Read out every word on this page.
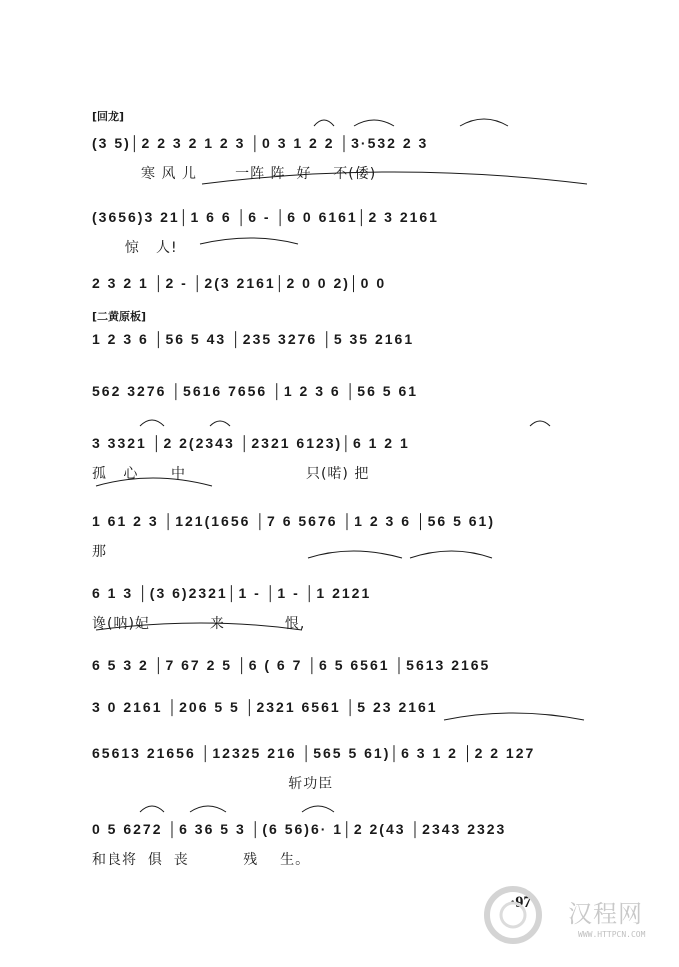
[回龙]
[二黄原板]
(3 5)│2 2 3 2 1 2 3 │0 3 1 2 2 │3·532 2 3
寒 风 儿       一阵 阵  好    不(倭)
(3656)3 21│1 6 6 │6 - │6 0 6161│2 3 2161
惊   人!
2 3 2 1 │2 - │2(3 2161│2 0 0 2)│0 0
1 2 3 6 │56 5 43 │235 3276 │5 35 2161
562 3276 │5616 7656 │1 2 3 6 │56 5 61
3 3321 │2 2(2343 │2321 6123)│6 1 2 1
孤   心      中                      只(喏) 把
1 61 2 3 │121(1656 │7 6 5676 │1 2 3 6 │56 5 61)
那
6 1 3 │(3 6)2321│1 - │1 - │1 2121
谗(呐)妃           来           恨,
6 5 3 2 │7 67 2 5 │6 ( 6 7 │6 5 6561 │5613 2165
3 0 2161 │206 5 5 │2321 6561 │5 23 2161
65613 21656 │12325 216 │565 5 61)│6 3 1 2 │2 2 127
斩功臣
0 5 6272 │6 36 5 3 │(6 56)6· 1│2 2(43 │2343 2323
和良将  俱  丧          残    生。
·97· 汉程网
WWW.HTTPCN.COM
